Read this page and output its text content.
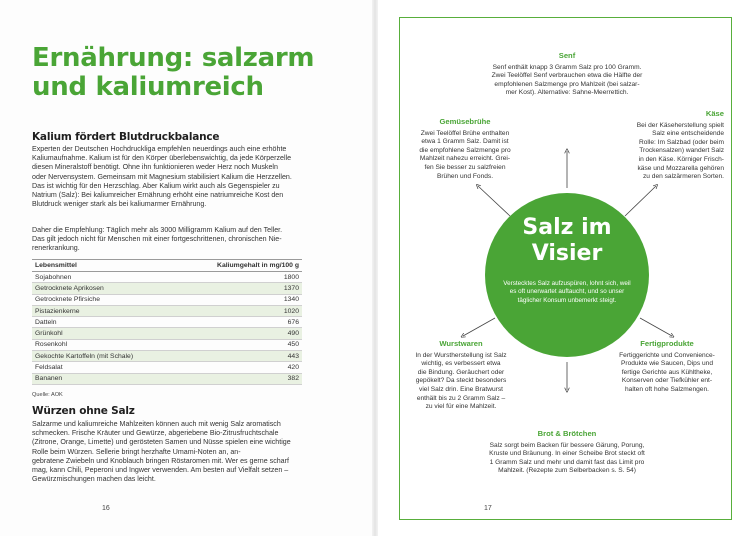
Ernährung: salzarm
und kaliumreich
Kalium fördert Blutdruckbalance
Experten der Deutschen Hochdruckliga empfehlen neuerdings auch eine erhöhte
Kaliumaufnahme. Kalium ist für den Körper überlebenswichtig, da jede Körperzelle
diesen Mineralstoff benötigt. Ohne ihn funktionieren weder Herz noch Muskeln
oder Nervensystem. Gemeinsam mit Magnesium stabilisiert Kalium die Herzzellen.
Das ist wichtig für den Herzschlag. Aber Kalium wirkt auch als Gegenspieler zu
Natrium (Salz): Bei kaliumreicher Ernährung erhöht eine natriumreiche Kost den
Blutdruck weniger stark als bei kaliumarmer Ernährung.
Daher die Empfehlung: Täglich mehr als 3000 Milligramm Kalium auf den Teller.
Das gilt jedoch nicht für Menschen mit einer fortgeschrittenen, chronischen Nie-
renerkrankung.
Lebensmittel	Kaliumgehalt in mg/100 g
Sojabohnen	1800
Getrocknete Aprikosen	1370
Getrocknete Pfirsiche	1340
Pistazienkerne	1020
Datteln	676
Grünkohl	490
Rosenkohl	450
Gekochte Kartoffeln (mit Schale)	443
Feldsalat	420
Bananen	382
Quelle: AOK
Würzen ohne Salz
Salzarme und kaliumreiche Mahlzeiten können auch mit wenig Salz aromatisch
schmecken. Frische Kräuter und Gewürze, abgeriebene Bio-Zitrusfruchtschale
(Zitrone, Orange, Limette) und gerösteten Samen und Nüsse spielen eine wichtige
Rolle beim Würzen. Sellerie bringt herzhafte Umami-Noten an, an-
gebratene Zwiebeln und Knoblauch bringen Röstaromen mit. Wer es gerne scharf
mag, kann Chili, Peperoni und Ingwer verwenden. Am besten auf Vielfalt setzen –
Gewürzmischungen machen das leicht.
16
Salz im
Visier
Verstecktes Salz aufzuspüren, lohnt sich, weil
es oft unerwartet auftaucht, und so unser
täglicher Konsum unbemerkt steigt.
Senf
Senf enthält knapp 3 Gramm Salz pro 100 Gramm.
Zwei Teelöffel Senf verbrauchen etwa die Hälfte der
empfohlenen Salzmenge pro Mahlzeit (bei salzar-
mer Kost). Alternative: Sahne-Meerrettich.
Gemüsebrühe
Zwei Teelöffel Brühe enthalten
etwa 1 Gramm Salz. Damit ist
die empfohlene Salzmenge pro
Mahlzeit nahezu erreicht. Grei-
fen Sie besser zu salzfreien
Brühen und Fonds.
Käse
Bei der Käseherstellung spielt
Salz eine entscheidende
Rolle: Im Salzbad (oder beim
Trockensalzen) wandert Salz
in den Käse. Körniger Frisch-
käse und Mozzarella gehören
zu den salzärmeren Sorten.
Wurstwaren
In der Wurstherstellung ist Salz
wichtig, es verbessert etwa
die Bindung. Geräuchert oder
gepökelt? Da steckt besonders
viel Salz drin. Eine Bratwurst
enthält bis zu 2 Gramm Salz –
zu viel für eine Mahlzeit.
Fertigprodukte
Fertiggerichte und Convenience-
Produkte wie Saucen, Dips und
fertige Gerichte aus Kühltheke,
Konserven oder Tiefkühler ent-
halten oft hohe Salzmengen.
Brot & Brötchen
Salz sorgt beim Backen für bessere Gärung, Porung,
Kruste und Bräunung. In einer Scheibe Brot steckt oft
1 Gramm Salz und mehr und damit fast das Limit pro
Mahlzeit. (Rezepte zum Selberbacken s. S. 54)
17
